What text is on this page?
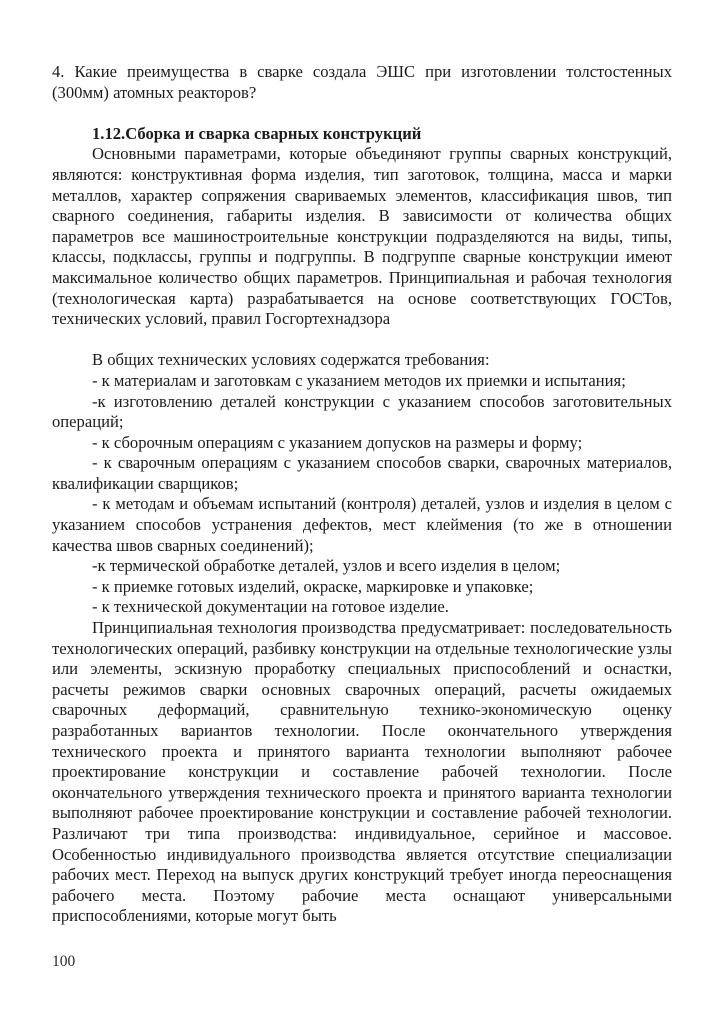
4. Какие преимущества в сварке создала ЭШС при изготовлении толстостенных (300мм) атомных реакторов?

1.12.Сборка и сварка сварных конструкций

Основными параметрами, которые объединяют группы сварных конструкций, являются: конструктивная форма изделия, тип заготовок, толщина, масса и марки металлов, характер сопряжения свариваемых элементов, классификация швов, тип сварного соединения, габариты изделия. В зависимости от количества общих параметров все машиностроительные конструкции подразделяются на виды, типы, классы, подклассы, группы и подгруппы. В подгруппе сварные конструкции имеют максимальное количество общих параметров. Принципиальная и рабочая технология (технологическая карта) разрабатывается на основе соответствующих ГОСТов, технических условий, правил Госгортехнадзора

В общих технических условиях содержатся требования:

- к материалам и заготовкам с указанием методов их приемки и испытания;

-к изготовлению деталей конструкции с указанием способов заготовительных операций;

- к сборочным операциям с указанием допусков на размеры и форму;

- к сварочным операциям с указанием способов сварки, сварочных материалов, квалификации сварщиков;

- к методам и объемам испытаний (контроля) деталей, узлов и изделия в целом с указанием способов устранения дефектов, мест клеймения (то же в отношении качества швов сварных соединений);

-к термической обработке деталей, узлов и всего изделия в целом;

- к приемке готовых изделий, окраске, маркировке и упаковке;

- к технической документации на готовое изделие.

Принципиальная технология производства предусматривает: последовательность технологических операций, разбивку конструкции на отдельные технологические узлы или элементы, эскизную проработку специальных приспособлений и оснастки, расчеты режимов сварки основных сварочных операций, расчеты ожидаемых сварочных деформаций, сравнительную технико-экономическую оценку разработанных вариантов технологии. После окончательного утверждения технического проекта и принятого варианта технологии выполняют рабочее проектирование конструкции и составление рабочей технологии. После окончательного утверждения технического проекта и принятого варианта технологии выполняют рабочее проектирование конструкции и составление рабочей технологии. Различают три типа производства: индивидуальное, серийное и массовое. Особенностью индивидуального производства является отсутствие специализации рабочих мест. Переход на выпуск других конструкций требует иногда переоснащения рабочего места. Поэтому рабочие места оснащают универсальными приспособлениями, которые могут быть

100
